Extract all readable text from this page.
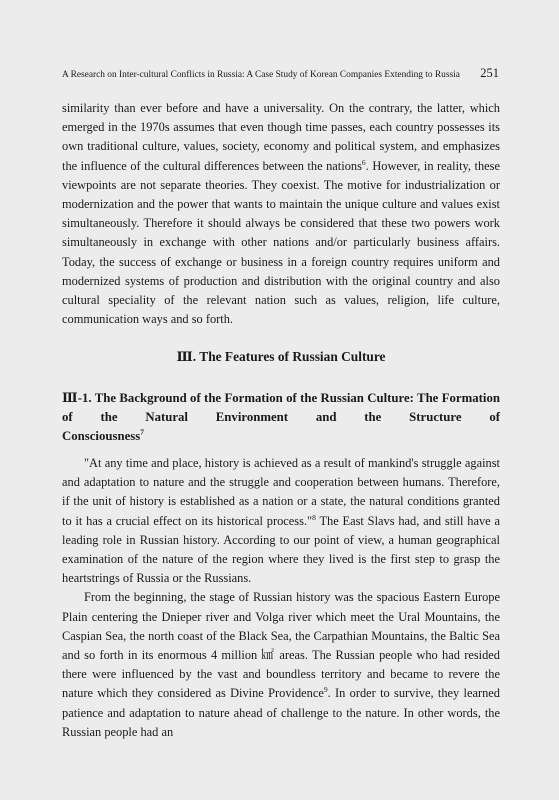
A Research on Inter-cultural Conflicts in Russia: A Case Study of Korean Companies Extending to Russia 251

similarity than ever before and have a universality. On the contrary, the latter, which emerged in the 1970s assumes that even though time passes, each country possesses its own traditional culture, values, society, economy and political system, and emphasizes the influence of the cultural differences between the nations$^6$. However, in reality, these viewpoints are not separate theories. They coexist. The motive for industrialization or modernization and the power that wants to maintain the unique culture and values exist simultaneously. Therefore it should always be considered that these two powers work simultaneously in exchange with other nations and/or particularly business affairs. Today, the success of exchange or business in a foreign country requires uniform and modernized systems of production and distribution with the original country and also cultural speciality of the relevant nation such as values, religion, life culture, communication ways and so forth.

Ⅲ. The Features of Russian Culture
Ⅲ-1. The Background of the Formation of the Russian Culture: The Formation of the Natural Environment and the Structure of
Consciousness$^7$

"At any time and place, history is achieved as a result of mankind's struggle against and adaptation to nature and the struggle and cooperation between humans. Therefore, if the unit of history is established as a nation or a state, the natural conditions granted to it has a crucial effect on its historical process."$^8$ The East Slavs had, and still have a leading role in Russian history. According to our point of view, a human geographical examination of the nature of the region where they lived is the first step to grasp the heartstrings of Russia or the Russians.

From the beginning, the stage of Russian history was the spacious Eastern Europe Plain centering the Dnieper river and Volga river which meet the Ural Mountains, the Caspian Sea, the north coast of the Black Sea, the Carpathian Mountains, the Baltic Sea and so forth in its enormous 4 million ㎢ areas. The Russian people who had resided there were influenced by the vast and boundless territory and became to revere the nature which they considered as Divine Providence$^9$. In order to survive, they learned patience and adaptation to nature ahead of challenge to the nature. In other words, the Russian people had an
